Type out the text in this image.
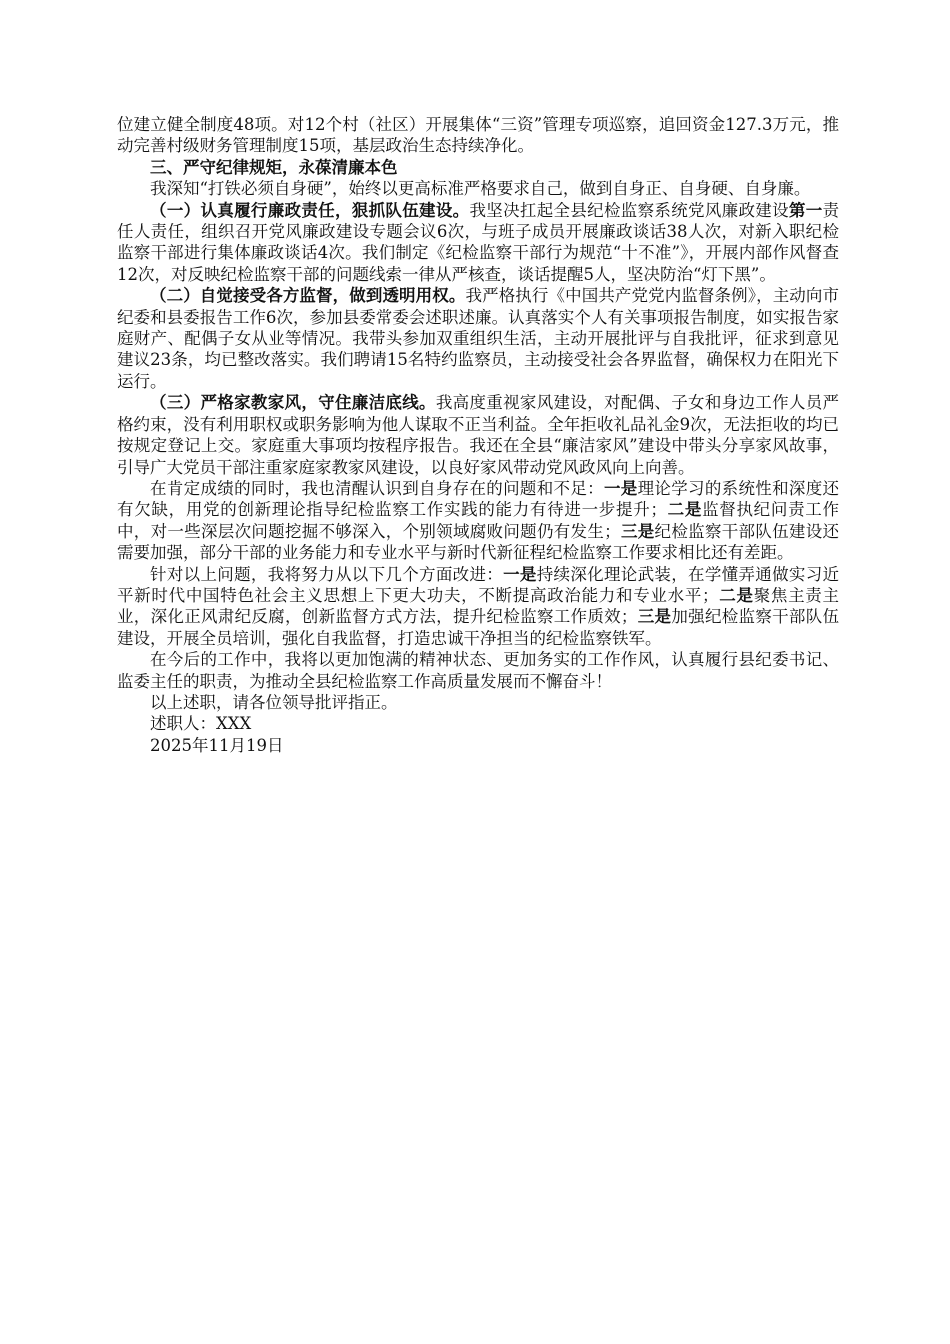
位建立健全制度48项。对12个村（社区）开展集体“三资”管理专项巡察，追回资金127.3万元，推动完善村级财务管理制度15项，基层政治生态持续净化。

三、严守纪律规矩，永葆清廉本色

我深知“打铁必须自身硬”，始终以更高标准严格要求自己，做到自身正、自身硬、自身廉。

（一）认真履行廉政责任，狠抓队伍建设。我坚决扛起全县纪检监察系统党风廉政建设第一责任人责任，组织召开党风廉政建设专题会议6次，与班子成员开展廉政谈话38人次，对新入职纪检监察干部进行集体廉政谈话4次。我们制定《纪检监察干部行为规范“十不准”》，开展内部作风督查12次，对反映纪检监察干部的问题线索一律从严核查，谈话提醒5人，坚决防治“灯下黑”。

（二）自觉接受各方监督，做到透明用权。我严格执行《中国共产党党内监督条例》，主动向市纪委和县委报告工作6次，参加县委常委会述职述廉。认真落实个人有关事项报告制度，如实报告家庭财产、配偶子女从业等情况。我带头参加双重组织生活，主动开展批评与自我批评，征求到意见建议23条，均已整改落实。我们聘请15名特约监察员，主动接受社会各界监督，确保权力在阳光下运行。

（三）严格家教家风，守住廉洁底线。我高度重视家风建设，对配偶、子女和身边工作人员严格约束，没有利用职权或职务影响为他人谋取不正当利益。全年拒收礼品礼金9次，无法拒收的均已按规定登记上交。家庭重大事项均按程序报告。我还在全县“廉洁家风”建设中带头分享家风故事，引导广大党员干部注重家庭家教家风建设，以良好家风带动党风政风向上向善。

在肯定成绩的同时，我也清醒认识到自身存在的问题和不足：一是理论学习的系统性和深度还有欠缺，用党的创新理论指导纪检监察工作实践的能力有待进一步提升；二是监督执纪问责工作中，对一些深层次问题挖掘不够深入，个别领域腐败问题仍有发生；三是纪检监察干部队伍建设还需要加强，部分干部的业务能力和专业水平与新时代新征程纪检监察工作要求相比还有差距。

针对以上问题，我将努力从以下几个方面改进：一是持续深化理论武装，在学懂弄通做实习近平新时代中国特色社会主义思想上下更大功夫，不断提高政治能力和专业水平；二是聚焦主责主业，深化正风肃纪反腐，创新监督方式方法，提升纪检监察工作质效；三是加强纪检监察干部队伍建设，开展全员培训，强化自我监督，打造忠诚干净担当的纪检监察铁军。

在今后的工作中，我将以更加饱满的精神状态、更加务实的工作作风，认真履行县纪委书记、监委主任的职责，为推动全县纪检监察工作高质量发展而不懈奋斗！

以上述职，请各位领导批评指正。

述职人：XXX

2025年11月19日
